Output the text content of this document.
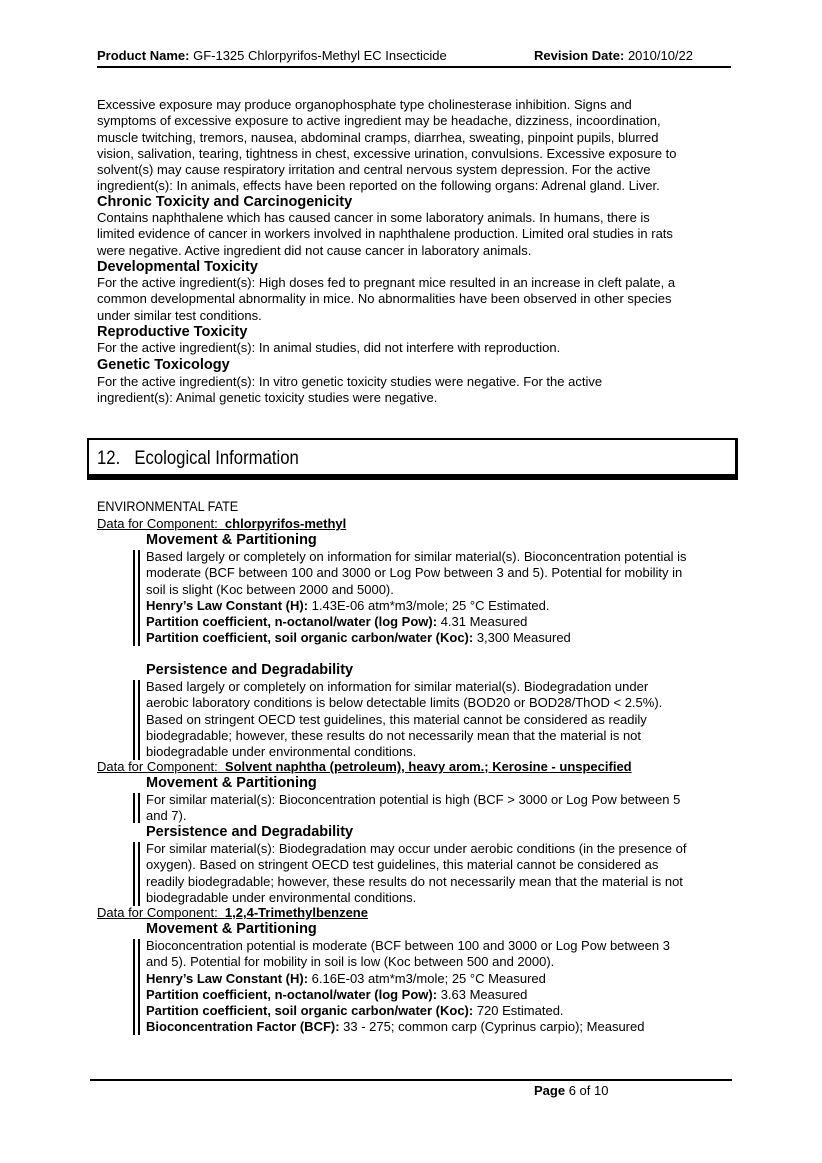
Product Name: GF-1325 Chlorpyrifos-Methyl EC Insecticide	Revision Date: 2010/10/22
Excessive exposure may produce organophosphate type cholinesterase inhibition. Signs and
symptoms of excessive exposure to active ingredient may be headache, dizziness, incoordination,
muscle twitching, tremors, nausea, abdominal cramps, diarrhea, sweating, pinpoint pupils, blurred
vision, salivation, tearing, tightness in chest, excessive urination, convulsions. Excessive exposure to
solvent(s) may cause respiratory irritation and central nervous system depression. For the active
ingredient(s): In animals, effects have been reported on the following organs: Adrenal gland. Liver.
Chronic Toxicity and Carcinogenicity
Contains naphthalene which has caused cancer in some laboratory animals. In humans, there is
limited evidence of cancer in workers involved in naphthalene production. Limited oral studies in rats
were negative. Active ingredient did not cause cancer in laboratory animals.
Developmental Toxicity
For the active ingredient(s): High doses fed to pregnant mice resulted in an increase in cleft palate, a
common developmental abnormality in mice. No abnormalities have been observed in other species
under similar test conditions.
Reproductive Toxicity
For the active ingredient(s): In animal studies, did not interfere with reproduction.
Genetic Toxicology
For the active ingredient(s): In vitro genetic toxicity studies were negative. For the active
ingredient(s): Animal genetic toxicity studies were negative.
12. Ecological Information
ENVIRONMENTAL FATE
Data for Component: chlorpyrifos-methyl
Movement & Partitioning
Based largely or completely on information for similar material(s). Bioconcentration potential is
moderate (BCF between 100 and 3000 or Log Pow between 3 and 5). Potential for mobility in
soil is slight (Koc between 2000 and 5000).
Henry’s Law Constant (H): 1.43E-06 atm*m3/mole; 25 °C Estimated.
Partition coefficient, n-octanol/water (log Pow): 4.31 Measured
Partition coefficient, soil organic carbon/water (Koc): 3,300 Measured
Persistence and Degradability
Based largely or completely on information for similar material(s). Biodegradation under
aerobic laboratory conditions is below detectable limits (BOD20 or BOD28/ThOD < 2.5%).
Based on stringent OECD test guidelines, this material cannot be considered as readily
biodegradable; however, these results do not necessarily mean that the material is not
biodegradable under environmental conditions.
Data for Component: Solvent naphtha (petroleum), heavy arom.; Kerosine - unspecified
Movement & Partitioning
For similar material(s): Bioconcentration potential is high (BCF > 3000 or Log Pow between 5
and 7).
Persistence and Degradability
For similar material(s): Biodegradation may occur under aerobic conditions (in the presence of
oxygen). Based on stringent OECD test guidelines, this material cannot be considered as
readily biodegradable; however, these results do not necessarily mean that the material is not
biodegradable under environmental conditions.
Data for Component: 1,2,4-Trimethylbenzene
Movement & Partitioning
Bioconcentration potential is moderate (BCF between 100 and 3000 or Log Pow between 3
and 5). Potential for mobility in soil is low (Koc between 500 and 2000).
Henry’s Law Constant (H): 6.16E-03 atm*m3/mole; 25 °C Measured
Partition coefficient, n-octanol/water (log Pow): 3.63 Measured
Partition coefficient, soil organic carbon/water (Koc): 720 Estimated.
Bioconcentration Factor (BCF): 33 - 275; common carp (Cyprinus carpio); Measured
Page 6 of 10
